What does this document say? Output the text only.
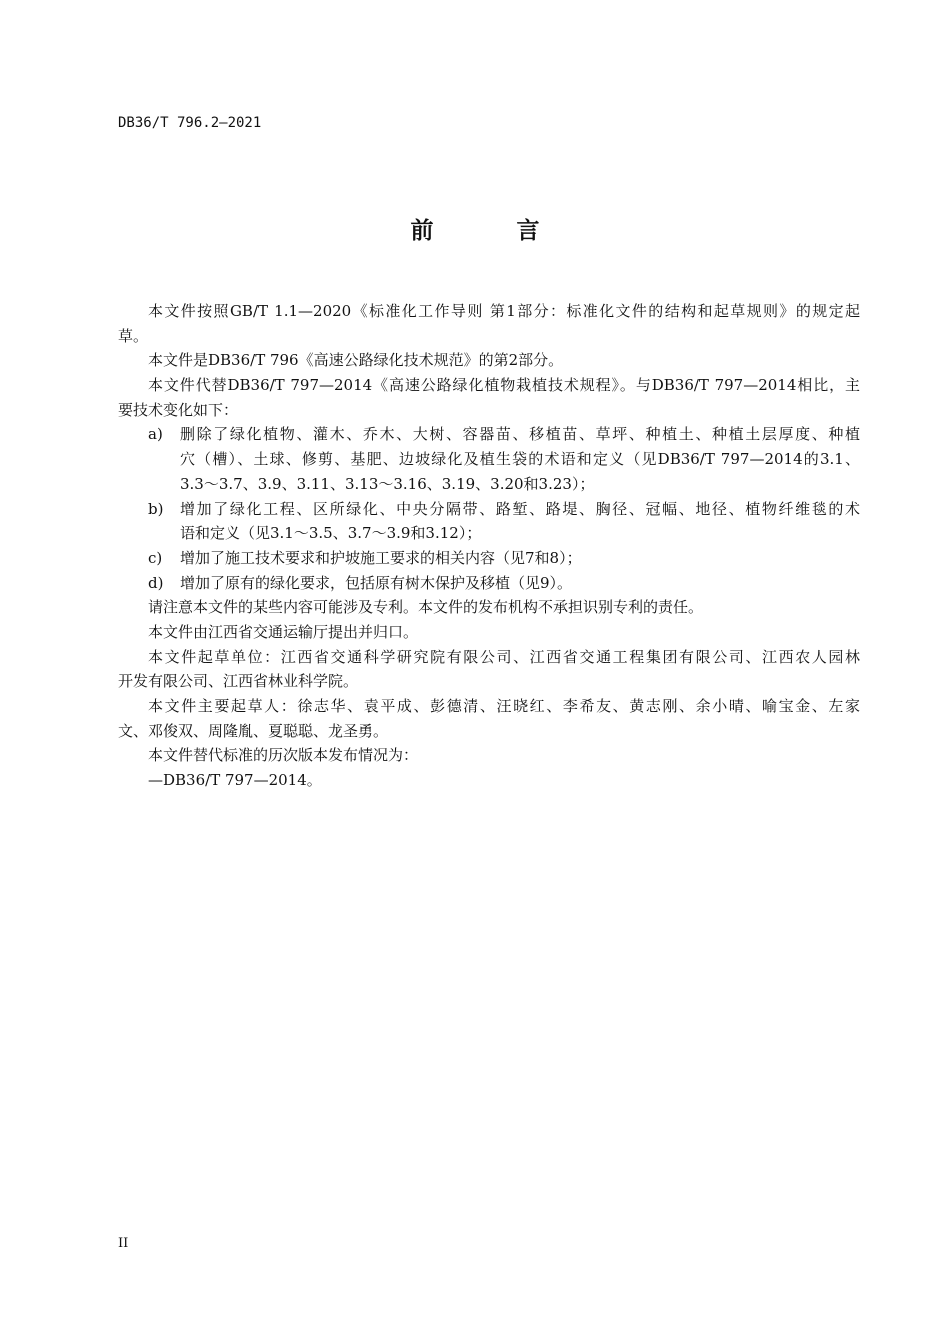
DB36/T 796.2—2021
前　言
本文件按照GB/T 1.1—2020《标准化工作导则 第1部分：标准化文件的结构和起草规则》的规定起
草。
本文件是DB36/T 796《高速公路绿化技术规范》的第2部分。
本文件代替DB36/T 797—2014《高速公路绿化植物栽植技术规程》。与DB36/T 797—2014相比，主
要技术变化如下：
a) 删除了绿化植物、灌木、乔木、大树、容器苗、移植苗、草坪、种植土、种植土层厚度、种植
穴（槽）、土球、修剪、基肥、边坡绿化及植生袋的术语和定义（见DB36/T 797—2014的3.1、
3.3～3.7、3.9、3.11、3.13～3.16、3.19、3.20和3.23）；
b) 增加了绿化工程、区所绿化、中央分隔带、路堑、路堤、胸径、冠幅、地径、植物纤维毯的术
语和定义（见3.1～3.5、3.7～3.9和3.12）；
c) 增加了施工技术要求和护坡施工要求的相关内容（见7和8）；
d) 增加了原有的绿化要求，包括原有树木保护及移植（见9）。
请注意本文件的某些内容可能涉及专利。本文件的发布机构不承担识别专利的责任。
本文件由江西省交通运输厅提出并归口。
本文件起草单位：江西省交通科学研究院有限公司、江西省交通工程集团有限公司、江西农人园林
开发有限公司、江西省林业科学院。
本文件主要起草人：徐志华、袁平成、彭德清、汪晓红、李希友、黄志刚、余小晴、喻宝金、左家
文、邓俊双、周隆胤、夏聪聪、龙圣勇。
本文件替代标准的历次版本发布情况为：
—DB36/T 797—2014。
II
